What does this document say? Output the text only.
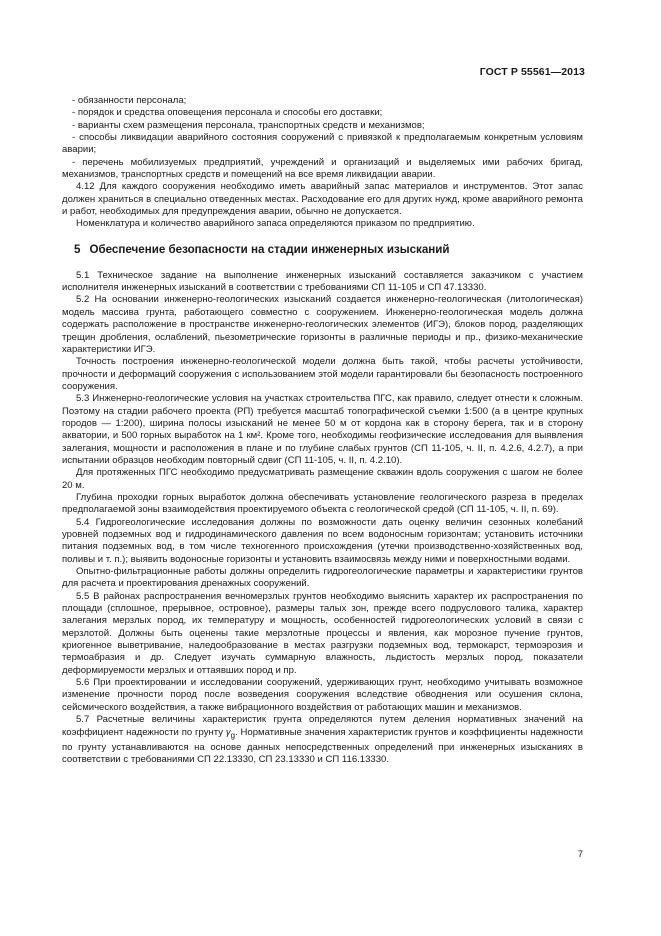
ГОСТ Р 55561—2013

- обязанности персонала;

- порядок и средства оповещения персонала и способы его доставки;

- варианты схем размещения персонала, транспортных средств и механизмов;

- способы ликвидации аварийного состояния сооружений с привязкой к предполагаемым конкретным условиям аварии;

- перечень мобилизуемых предприятий, учреждений и организаций и выделяемых ими рабочих бригад, механизмов, транспортных средств и помещений на все время ликвидации аварии.

4.12 Для каждого сооружения необходимо иметь аварийный запас материалов и инструментов. Этот запас должен храниться в специально отведенных местах. Расходование его для других нужд, кроме аварийного ремонта и работ, необходимых для предупреждения аварии, обычно не допускается.

Номенклатура и количество аварийного запаса определяются приказом по предприятию.

5 Обеспечение безопасности на стадии инженерных изысканий

5.1 Техническое задание на выполнение инженерных изысканий составляется заказчиком с участием исполнителя инженерных изысканий в соответствии с требованиями СП 11-105 и СП 47.13330.

5.2 На основании инженерно-геологических изысканий создается инженерно-геологическая (литологическая) модель массива грунта, работающего совместно с сооружением. Инженерно-геологическая модель должна содержать расположение в пространстве инженерно-геологических элементов (ИГЭ), блоков пород, разделяющих трещин дробления, ослаблений, пьезометрические горизонты в различные периоды и пр., физико-механические характеристики ИГЭ.

Точность построения инженерно-геологической модели должна быть такой, чтобы расчеты устойчивости, прочности и деформаций сооружения с использованием этой модели гарантировали бы безопасность построенного сооружения.

5.3 Инженерно-геологические условия на участках строительства ПГС, как правило, следует отнести к сложным. Поэтому на стадии рабочего проекта (РП) требуется масштаб топографической съемки 1:500 (а в центре крупных городов — 1:200), ширина полосы изысканий не менее 50 м от кордона как в сторону берега, так и в сторону акватории, и 500 горных выработок на 1 км². Кроме того, необходимы геофизические исследования для выявления залегания, мощности и расположения в плане и по глубине слабых грунтов (СП 11-105, ч. II, п. 4.2.6, 4.2.7), а при испытании образцов необходим повторный сдвиг (СП 11-105, ч. II, п. 4.2.10).

Для протяженных ПГС необходимо предусматривать размещение скважин вдоль сооружения с шагом не более 20 м.

Глубина проходки горных выработок должна обеспечивать установление геологического разреза в пределах предполагаемой зоны взаимодействия проектируемого объекта с геологической средой (СП 11-105, ч. II, п. 69).

5.4 Гидрогеологические исследования должны по возможности дать оценку величин сезонных колебаний уровней подземных вод и гидродинамического давления по всем водоносным горизонтам; установить источники питания подземных вод, в том числе техногенного происхождения (утечки производственно-хозяйственных вод, поливы и т. п.); выявить водоносные горизонты и установить взаимосвязь между ними и поверхностными водами.

Опытно-фильтрационные работы должны определить гидрогеологические параметры и характеристики грунтов для расчета и проектирования дренажных сооружений.

5.5 В районах распространения вечномерзлых грунтов необходимо выяснить характер их распространения по площади (сплошное, прерывное, островное), размеры талых зон, прежде всего подруслового талика, характер залегания мерзлых пород, их температуру и мощность, особенностей гидрогеологических условий в связи с мерзлотой. Должны быть оценены такие мерзлотные процессы и явления, как морозное пучение грунтов, криогенное выветривание, наледообразование в местах разгрузки подземных вод, термокарст, термоэрозия и термоабразия и др. Следует изучать суммарную влажность, льдистость мерзлых пород, показатели деформируемости мерзлых и оттаявших пород и пр.

5.6 При проектировании и исследовании сооружений, удерживающих грунт, необходимо учитывать возможное изменение прочности пород после возведения сооружения вследствие обводнения или осушения склона, сейсмического воздействия, а также вибрационного воздействия от работающих машин и механизмов.

5.7 Расчетные величины характеристик грунта определяются путем деления нормативных значений на коэффициент надежности по грунту $\gamma_g$. Нормативные значения характеристик грунтов и коэффициенты надежности по грунту устанавливаются на основе данных непосредственных определений при инженерных изысканиях в соответствии с требованиями СП 22.13330, СП 23.13330 и СП 116.13330.

7
